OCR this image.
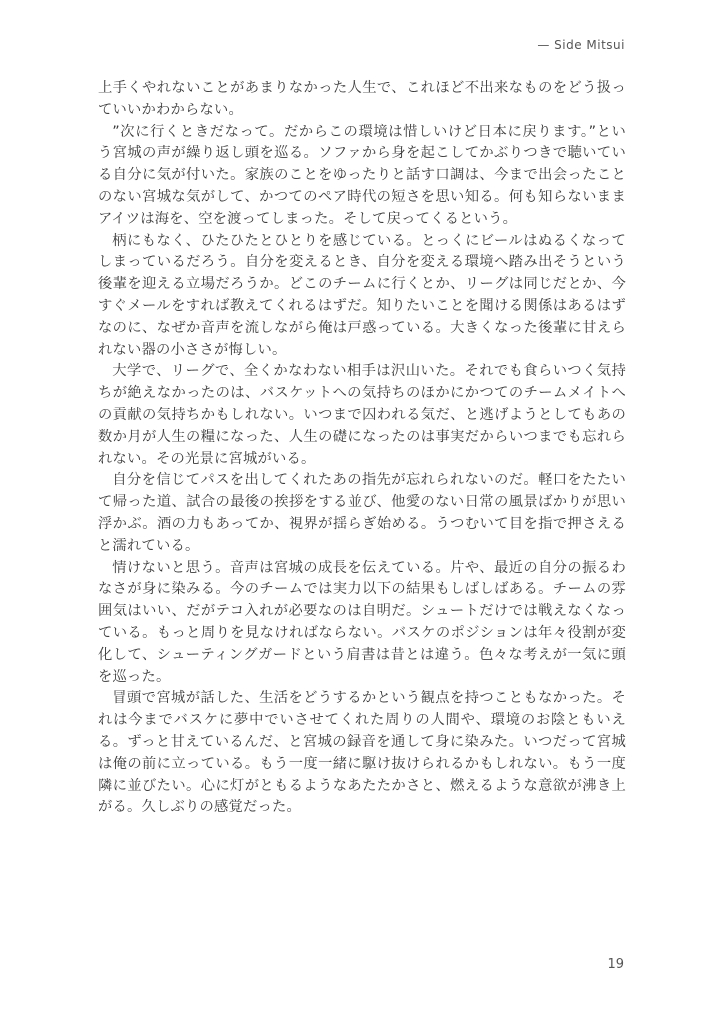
— Side Mitsui

上手くやれないことがあまりなかった人生で、これほど不出来なものをどう扱っていいかわからない。

”次に行くときだなって。だからこの環境は惜しいけど日本に戻ります。”という宮城の声が繰り返し頭を巡る。ソファから身を起こしてかぶりつきで聴いている自分に気が付いた。家族のことをゆったりと話す口調は、今まで出会ったことのない宮城な気がして、かつてのペア時代の短さを思い知る。何も知らないままアイツは海を、空を渡ってしまった。そして戻ってくるという。

柄にもなく、ひたひたとひとりを感じている。とっくにビールはぬるくなってしまっているだろう。自分を変えるとき、自分を変える環境へ踏み出そうという後輩を迎える立場だろうか。どこのチームに行くとか、リーグは同じだとか、今すぐメールをすれば教えてくれるはずだ。知りたいことを聞ける関係はあるはずなのに、なぜか音声を流しながら俺は戸惑っている。大きくなった後輩に甘えられない器の小ささが悔しい。

大学で、リーグで、全くかなわない相手は沢山いた。それでも食らいつく気持ちが絶えなかったのは、バスケットへの気持ちのほかにかつてのチームメイトへの貢献の気持ちかもしれない。いつまで囚われる気だ、と逃げようとしてもあの数か月が人生の糧になった、人生の礎になったのは事実だからいつまでも忘れられない。その光景に宮城がいる。

自分を信じてパスを出してくれたあの指先が忘れられないのだ。軽口をたたいて帰った道、試合の最後の挨拶をする並び、他愛のない日常の風景ばかりが思い浮かぶ。酒の力もあってか、視界が揺らぎ始める。うつむいて目を指で押さえると濡れている。

情けないと思う。音声は宮城の成長を伝えている。片や、最近の自分の振るわなさが身に染みる。今のチームでは実力以下の結果もしばしばある。チームの雰囲気はいい、だがテコ入れが必要なのは自明だ。シュートだけでは戦えなくなっている。もっと周りを見なければならない。バスケのポジションは年々役割が変化して、シューティングガードという肩書は昔とは違う。色々な考えが一気に頭を巡った。

冒頭で宮城が話した、生活をどうするかという観点を持つこともなかった。それは今までバスケに夢中でいさせてくれた周りの人間や、環境のお陰ともいえる。ずっと甘えているんだ、と宮城の録音を通して身に染みた。いつだって宮城は俺の前に立っている。もう一度一緒に駆け抜けられるかもしれない。もう一度隣に並びたい。心に灯がともるようなあたたかさと、燃えるような意欲が沸き上がる。久しぶりの感覚だった。

19
